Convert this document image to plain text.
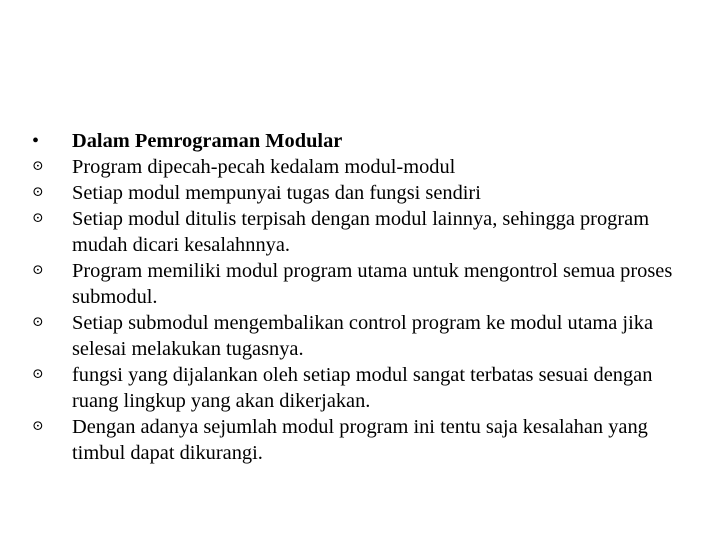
•	Dalam Pemrograman Modular
⊙	Program dipecah-pecah kedalam modul-modul
⊙	Setiap modul mempunyai tugas dan fungsi sendiri
⊙	Setiap modul ditulis terpisah dengan modul lainnya, sehingga program mudah dicari kesalahnnya.
⊙	Program memiliki modul program utama untuk mengontrol semua proses submodul.
⊙	Setiap submodul mengembalikan control program ke modul utama jika selesai melakukan tugasnya.
⊙	fungsi yang dijalankan oleh setiap modul sangat terbatas sesuai dengan ruang lingkup yang akan dikerjakan.
⊙	Dengan adanya sejumlah modul program ini tentu saja kesalahan yang timbul dapat dikurangi.
